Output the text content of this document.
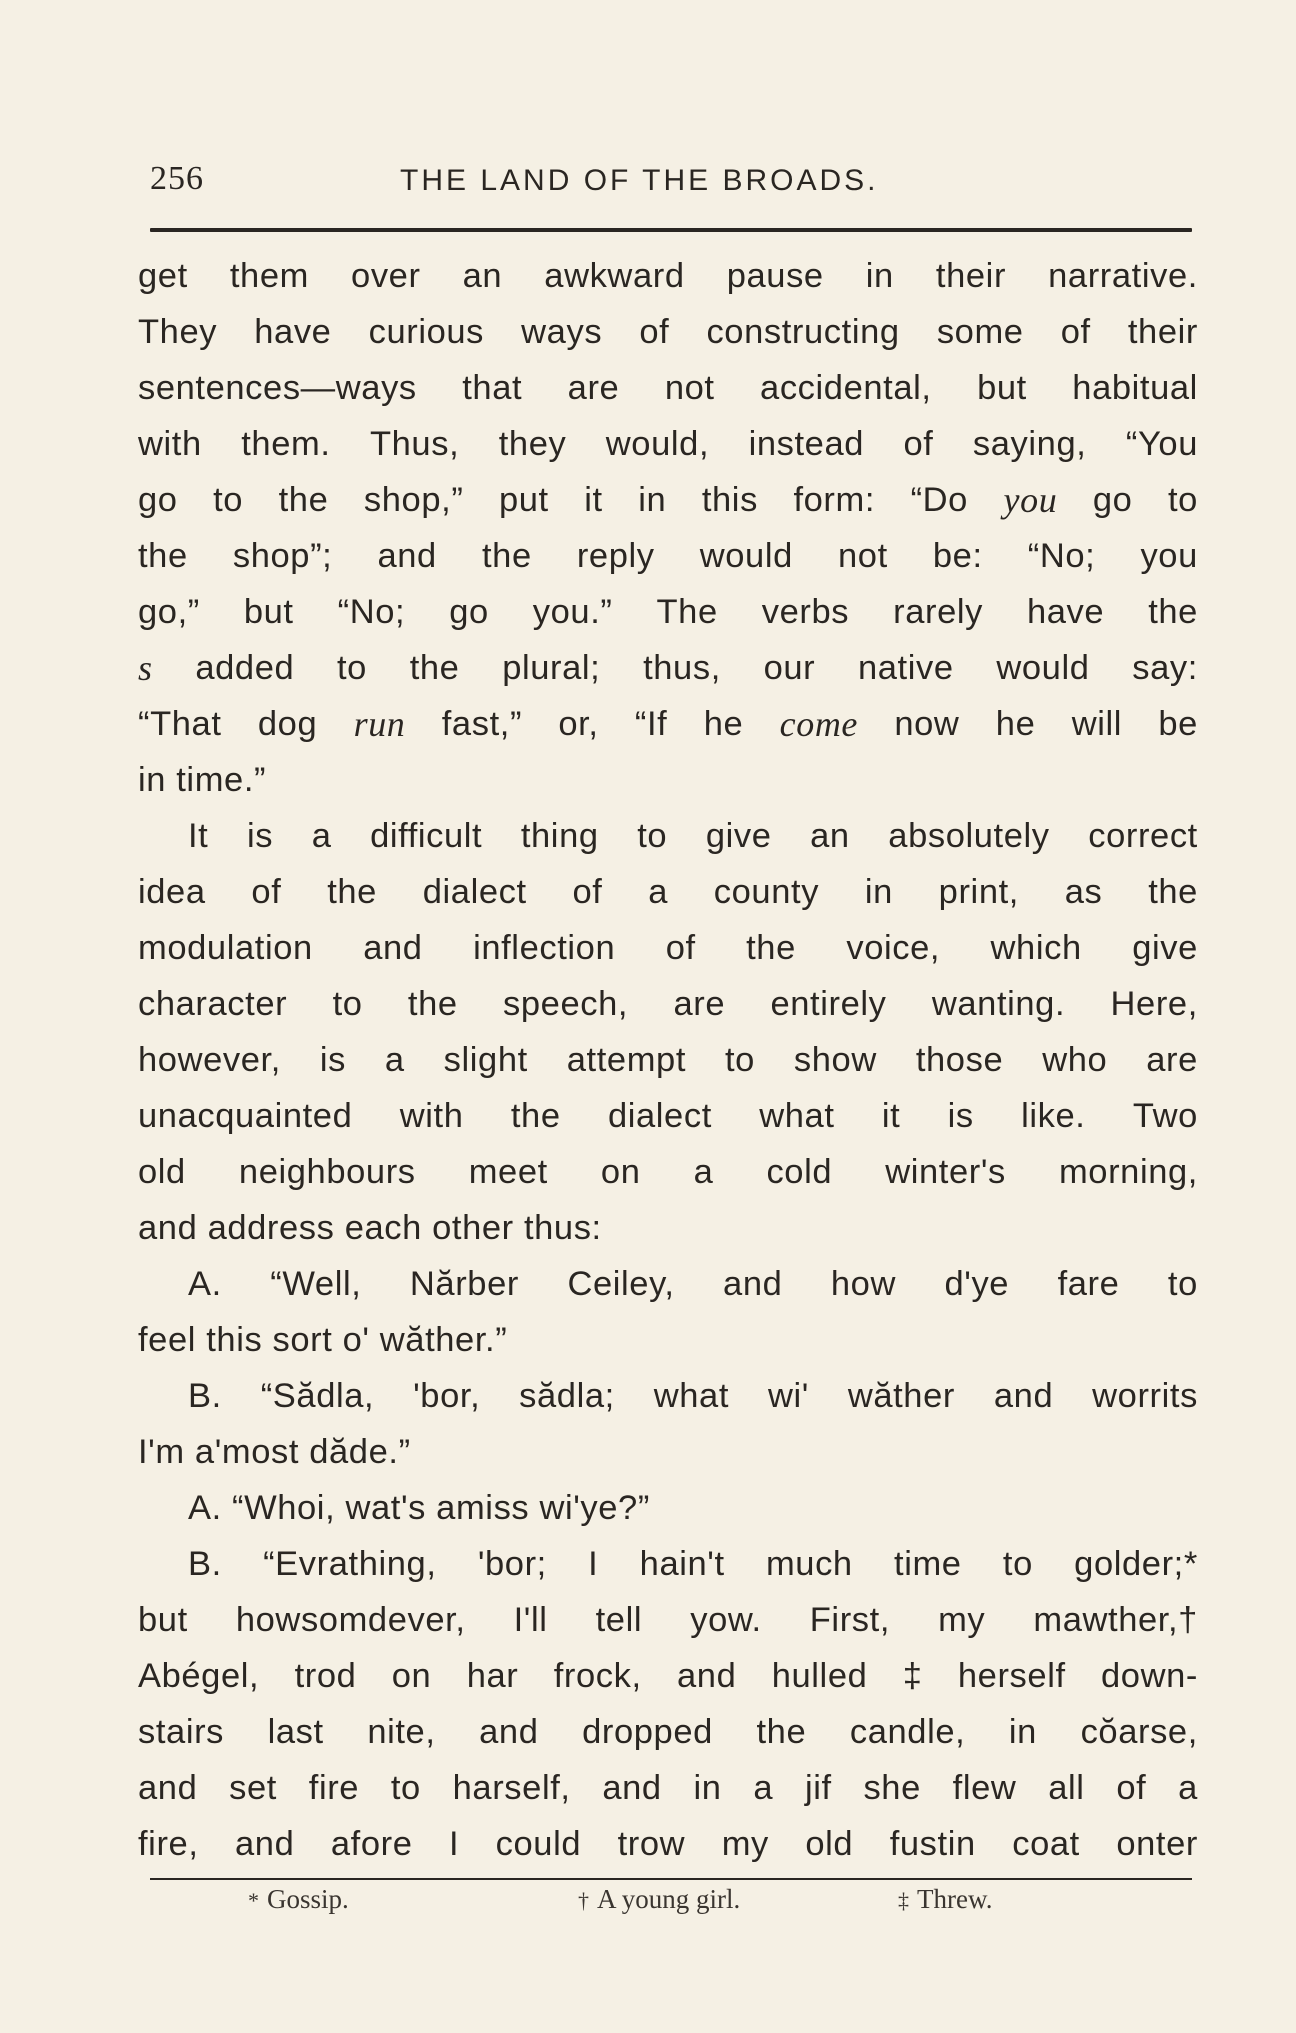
256	THE LAND OF THE BROADS.
get them over an awkward pause in their narrative.
They have curious ways of constructing some of their
sentences—ways that are not accidental, but habitual
with them. Thus, they would, instead of saying, “You
go to the shop,” put it in this form: “Do you go to
the shop”; and the reply would not be: “No; you
go,” but “No; go you.” The verbs rarely have the
s added to the plural; thus, our native would say:
“That dog run fast,” or, “If he come now he will be
in
time.”

It is a difficult thing to give an absolutely correct
idea of the dialect of a county in print, as the
modulation and inflection of the voice, which give
character to the speech, are entirely wanting. Here,
however, is a slight attempt to show those who are
unacquainted with the dialect what it is like. Two
old neighbours meet on a cold winter's morning,
and
address
each
other
thus:

A. “Well, Nărber Ceiley, and how d'ye fare to
feel
this
sort
o'
wăther.”

B. “Sădla, 'bor, sădla; what wi' wăther and worrits
I'm
a'most
dăde.”

A.
“Whoi,
wat's
amiss
wi'ye?”

B. “Evrathing, 'bor; I hain't much time to golder;*
but howsomdever, I'll tell yow. First, my mawther,†
Abégel, trod on har frock, and hulled ‡ herself down-
stairs last nite, and dropped the candle, in cŏarse,
and set fire to harself, and in a jif she flew all of a
fire, and afore I could trow my old fustin coat onter
* Gossip.	† A young girl.	‡ Threw.
